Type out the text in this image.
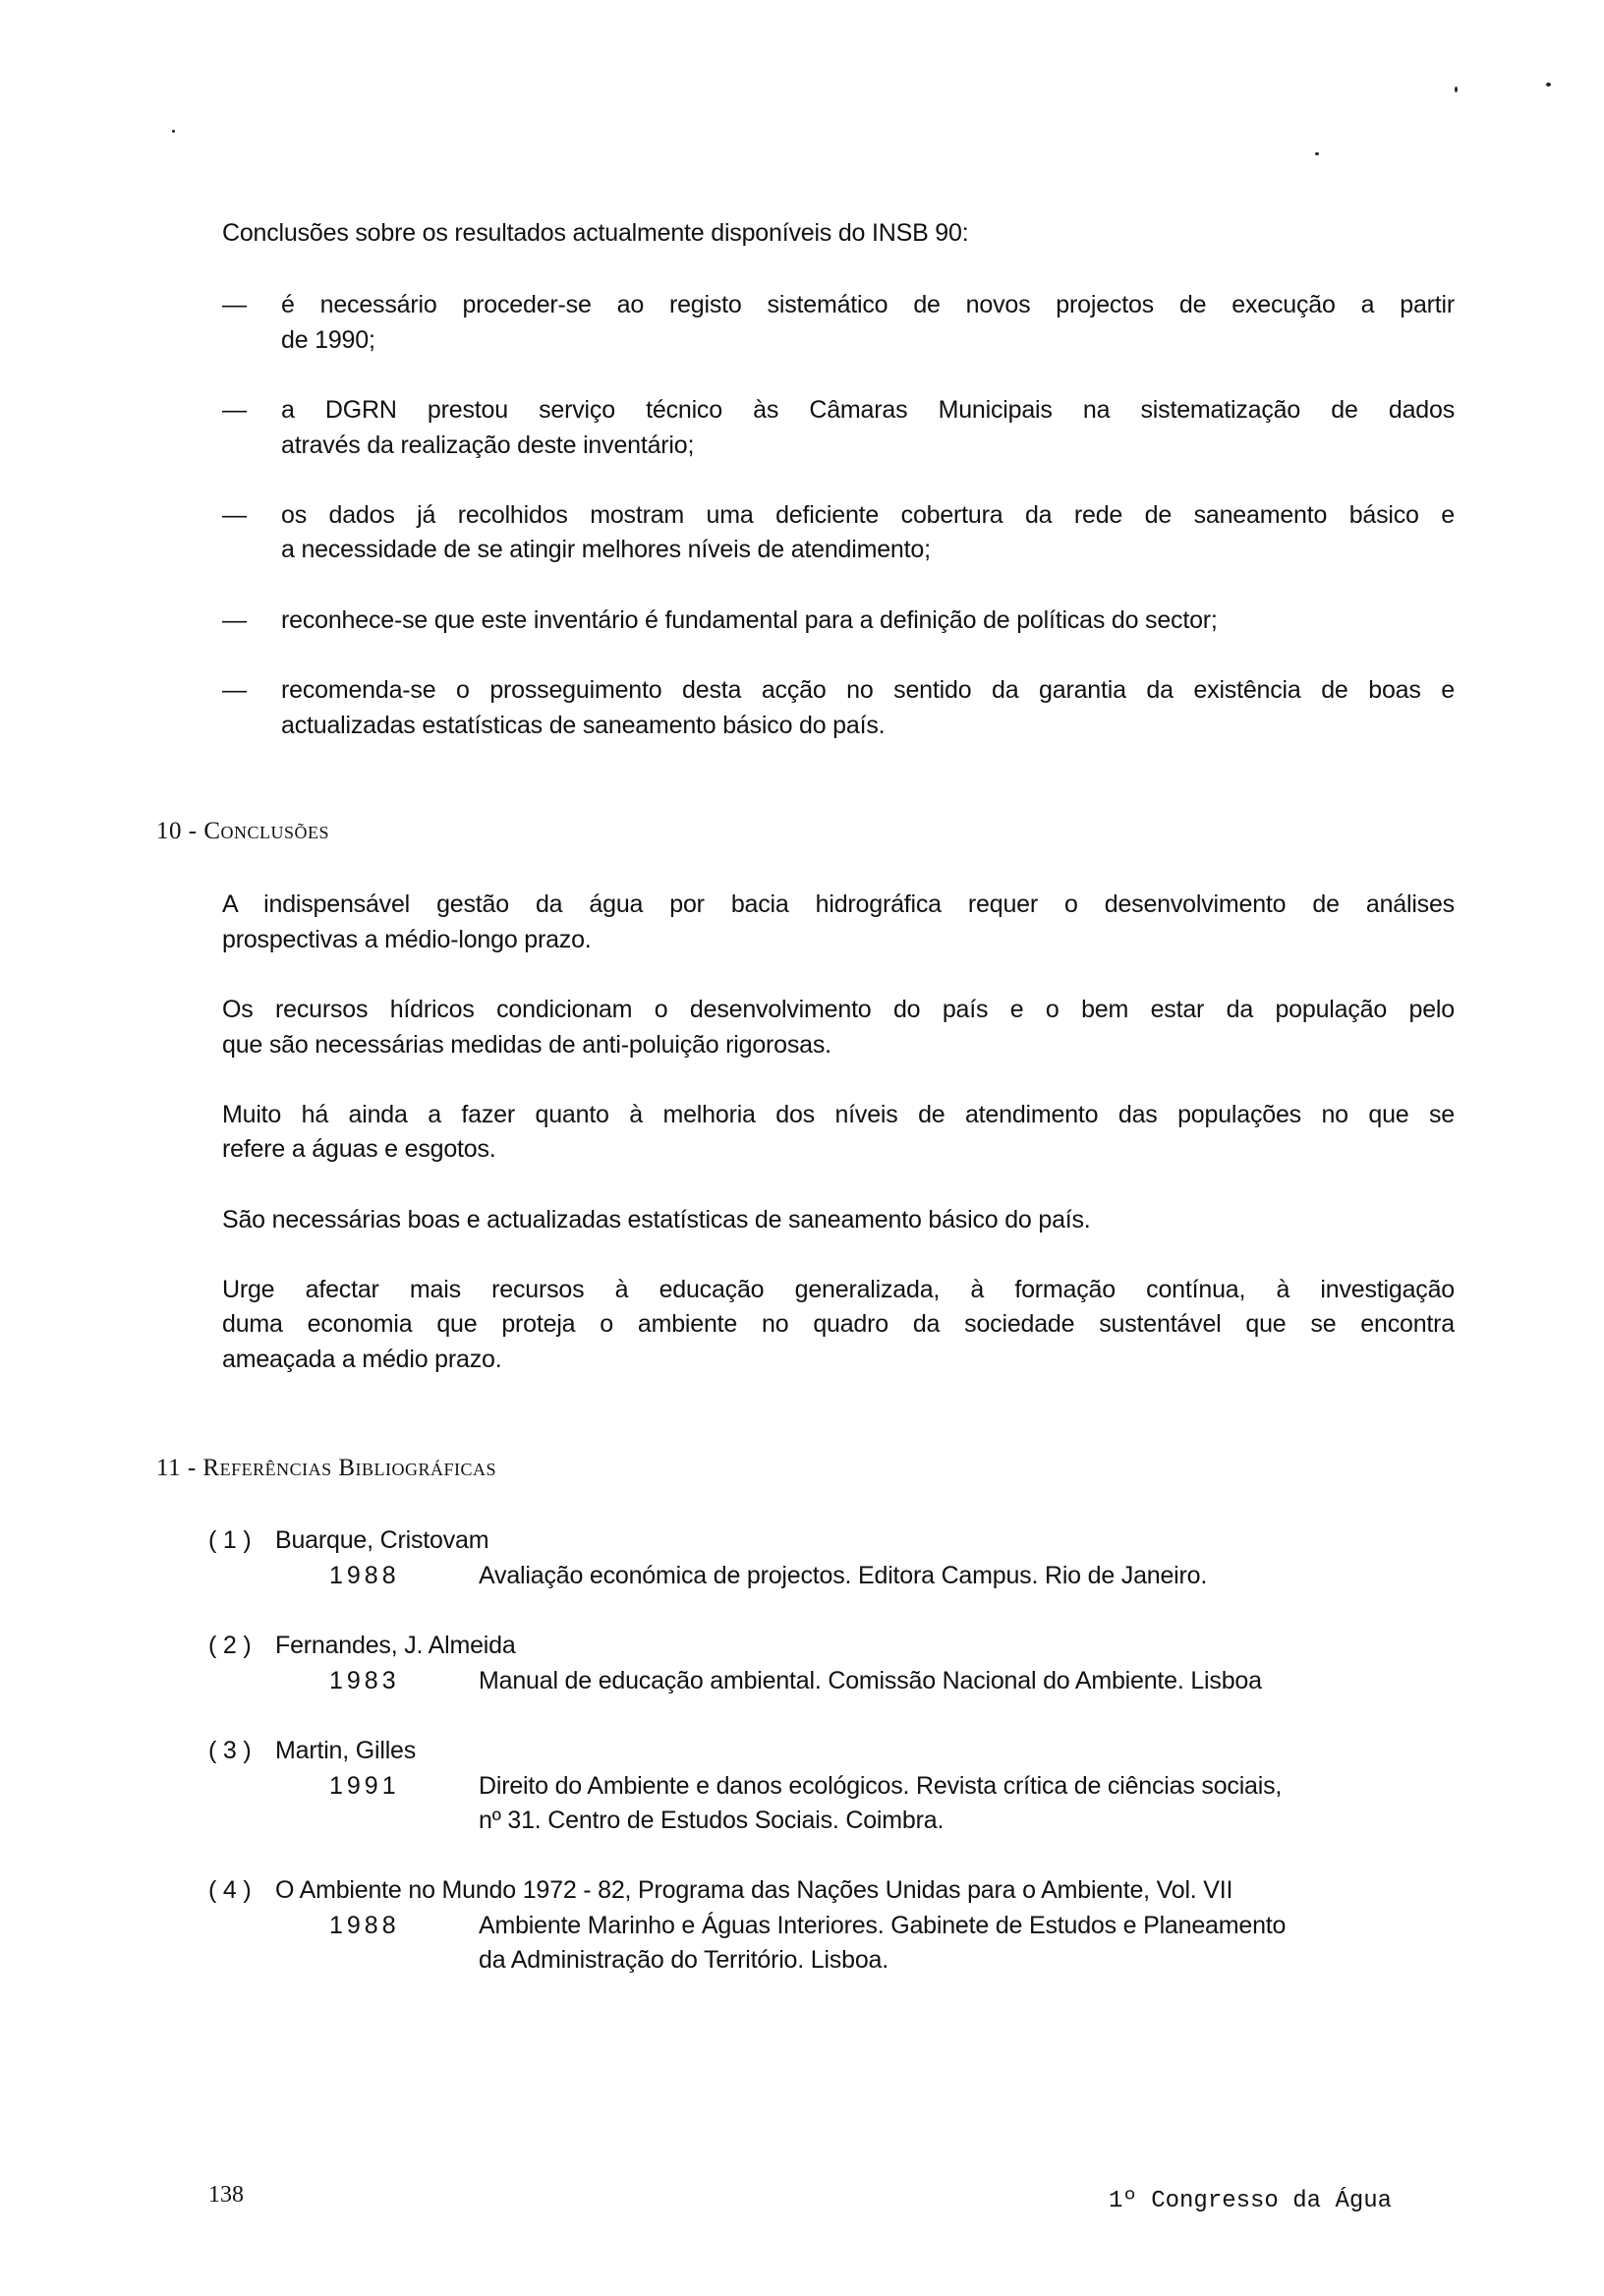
Conclusões sobre os resultados actualmente disponíveis do INSB 90:
— é necessário proceder-se ao registo sistemático de novos projectos de execução a partir
de 1990;
— a DGRN prestou serviço técnico às Câmaras Municipais na sistematização de dados
através da realização deste inventário;
— os dados já recolhidos mostram uma deficiente cobertura da rede de saneamento básico e
a necessidade de se atingir melhores níveis de atendimento;
— reconhece-se que este inventário é fundamental para a definição de políticas do sector;
— recomenda-se o prosseguimento desta acção no sentido da garantia da existência de boas e
actualizadas estatísticas de saneamento básico do país.
10 - Conclusões
A indispensável gestão da água por bacia hidrográfica requer o desenvolvimento de análises
prospectivas a médio-longo prazo.
Os recursos hídricos condicionam o desenvolvimento do país e o bem estar da população pelo
que são necessárias medidas de anti-poluição rigorosas.
Muito há ainda a fazer quanto à melhoria dos níveis de atendimento das populações no que se
refere a águas e esgotos.
São necessárias boas e actualizadas estatísticas de saneamento básico do país.
Urge afectar mais recursos à educação generalizada, à formação contínua, à investigação
duma economia que proteja o ambiente no quadro da sociedade sustentável que se encontra
ameaçada a médio prazo.
11 - Referências Bibliográficas
( 1 ) Buarque, Cristovam
1988	Avaliação económica de projectos. Editora Campus. Rio de Janeiro.
( 2 ) Fernandes, J. Almeida
1983	Manual de educação ambiental. Comissão Nacional do Ambiente. Lisboa
( 3 ) Martin, Gilles
1991	Direito do Ambiente e danos ecológicos. Revista crítica de ciências sociais,
nº 31. Centro de Estudos Sociais. Coimbra.
( 4 ) O Ambiente no Mundo 1972 - 82, Programa das Nações Unidas para o Ambiente, Vol. VII
1988	Ambiente Marinho e Águas Interiores. Gabinete de Estudos e Planeamento
da Administração do Território. Lisboa.
138	1º Congresso da Água
